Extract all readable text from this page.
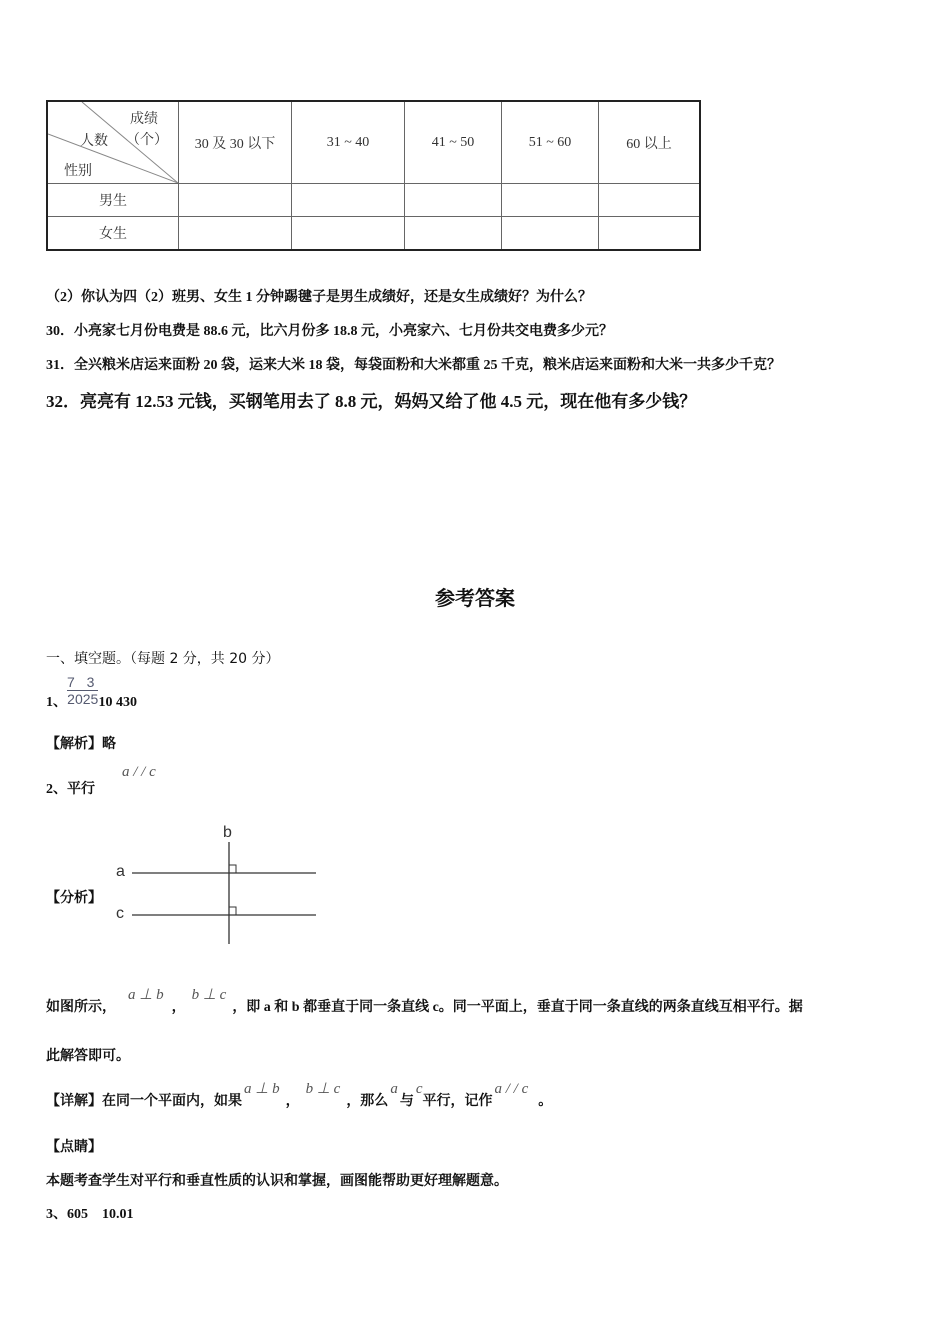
成绩
（个）
人数
性别	30 及 30 以下	31 ~ 40	41 ~ 50	51 ~ 60	60 以上
男生					
女生					
（2）你认为四（2）班男、女生 1 分钟踢毽子是男生成绩好，还是女生成绩好？为什么？
30．小亮家七月份电费是 88.6 元，比六月份多 18.8 元，小亮家六、七月份共交电费多少元？
31．全兴粮米店运来面粉 20 袋，运来大米 18 袋，每袋面粉和大米都重 25 千克，粮米店运来面粉和大米一共多少千克？
32．亮亮有 12.53 元钱，买钢笔用去了 8.8 元，妈妈又给了他 4.5 元，现在他有多少钱？
参考答案
一、填空题。（每题 2 分，共 20 分）
1、 $\frac{7 3}{2025} 10$ 430
【解析】略
2、平行
a / / c
【分析】
b
a
c
如图所示，a ⊥ b，b ⊥ c，即 a 和 b 都垂直于同一条直线 c。同一平面上，垂直于同一条直线的两条直线互相平行。据
此解答即可。
【详解】在同一个平面内，如果a ⊥ b，b ⊥ c，那么a与c平行，记作a / / c。
【点睛】
本题考查学生对平行和垂直性质的认识和掌握，画图能帮助更好理解题意。
3、605　10.01
